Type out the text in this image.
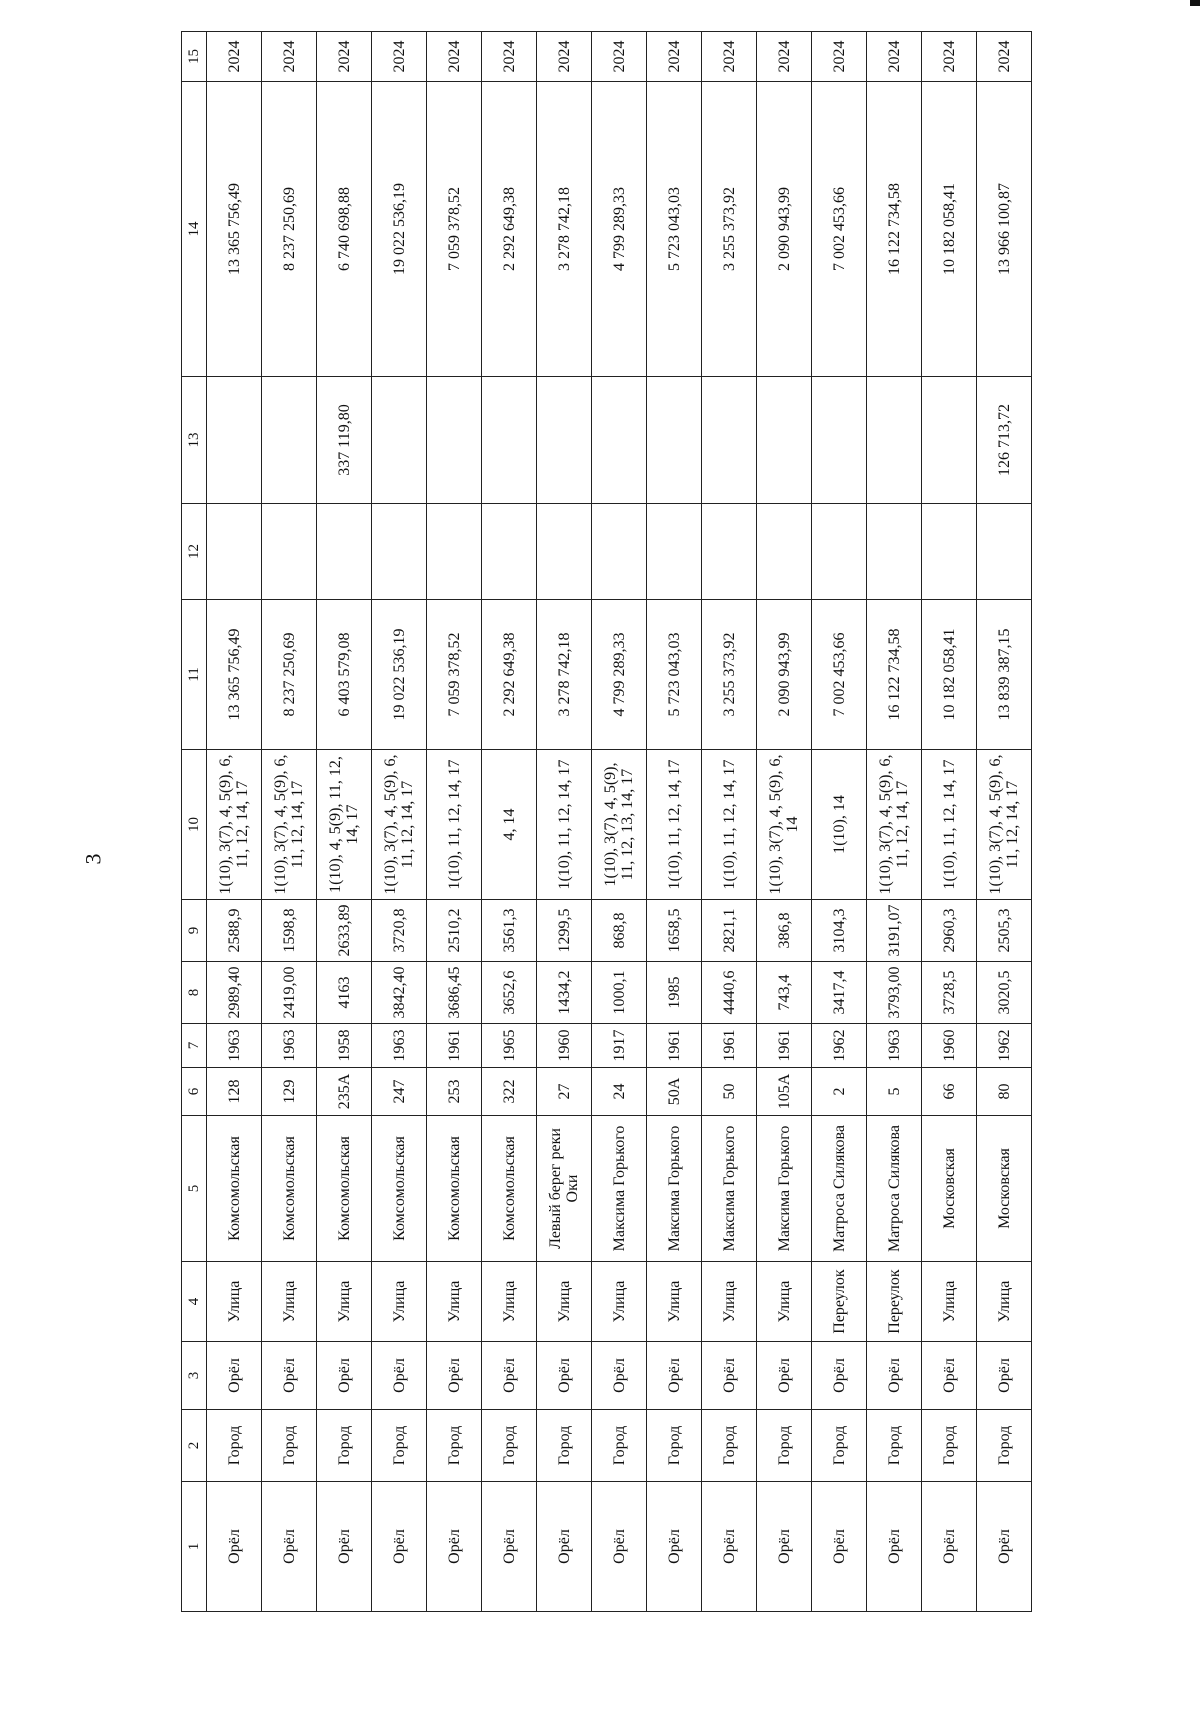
3
1	2	3	4	5	6	7	8	9	10	11	12	13	14	15
Орёл	Город	Орёл	Улица	Комсомольская	128	1963	2989,40	2588,9	1(10), 3(7), 4, 5(9), 6, 11, 12, 14, 17	13 365 756,49			13 365 756,49	2024
Орёл	Город	Орёл	Улица	Комсомольская	129	1963	2419,00	1598,8	1(10), 3(7), 4, 5(9), 6, 11, 12, 14, 17	8 237 250,69			8 237 250,69	2024
Орёл	Город	Орёл	Улица	Комсомольская	235А	1958	4163	2633,89	1(10), 4, 5(9), 11, 12, 14, 17	6 403 579,08		337 119,80	6 740 698,88	2024
Орёл	Город	Орёл	Улица	Комсомольская	247	1963	3842,40	3720,8	1(10), 3(7), 4, 5(9), 6, 11, 12, 14, 17	19 022 536,19			19 022 536,19	2024
Орёл	Город	Орёл	Улица	Комсомольская	253	1961	3686,45	2510,2	1(10), 11, 12, 14, 17	7 059 378,52			7 059 378,52	2024
Орёл	Город	Орёл	Улица	Комсомольская	322	1965	3652,6	3561,3	4, 14	2 292 649,38			2 292 649,38	2024
Орёл	Город	Орёл	Улица	Левый берег реки Оки	27	1960	1434,2	1299,5	1(10), 11, 12, 14, 17	3 278 742,18			3 278 742,18	2024
Орёл	Город	Орёл	Улица	Максима Горького	24	1917	1000,1	868,8	1(10), 3(7), 4, 5(9), 11, 12, 13, 14, 17	4 799 289,33			4 799 289,33	2024
Орёл	Город	Орёл	Улица	Максима Горького	50А	1961	1985	1658,5	1(10), 11, 12, 14, 17	5 723 043,03			5 723 043,03	2024
Орёл	Город	Орёл	Улица	Максима Горького	50	1961	4440,6	2821,1	1(10), 11, 12, 14, 17	3 255 373,92			3 255 373,92	2024
Орёл	Город	Орёл	Улица	Максима Горького	105А	1961	743,4	386,8	1(10), 3(7), 4, 5(9), 6, 14	2 090 943,99			2 090 943,99	2024
Орёл	Город	Орёл	Переулок	Матроса Силякова	2	1962	3417,4	3104,3	1(10), 14	7 002 453,66			7 002 453,66	2024
Орёл	Город	Орёл	Переулок	Матроса Силякова	5	1963	3793,00	3191,07	1(10), 3(7), 4, 5(9), 6, 11, 12, 14, 17	16 122 734,58			16 122 734,58	2024
Орёл	Город	Орёл	Улица	Московская	66	1960	3728,5	2960,3	1(10), 11, 12, 14, 17	10 182 058,41			10 182 058,41	2024
Орёл	Город	Орёл	Улица	Московская	80	1962	3020,5	2505,3	1(10), 3(7), 4, 5(9), 6, 11, 12, 14, 17	13 839 387,15		126 713,72	13 966 100,87	2024
